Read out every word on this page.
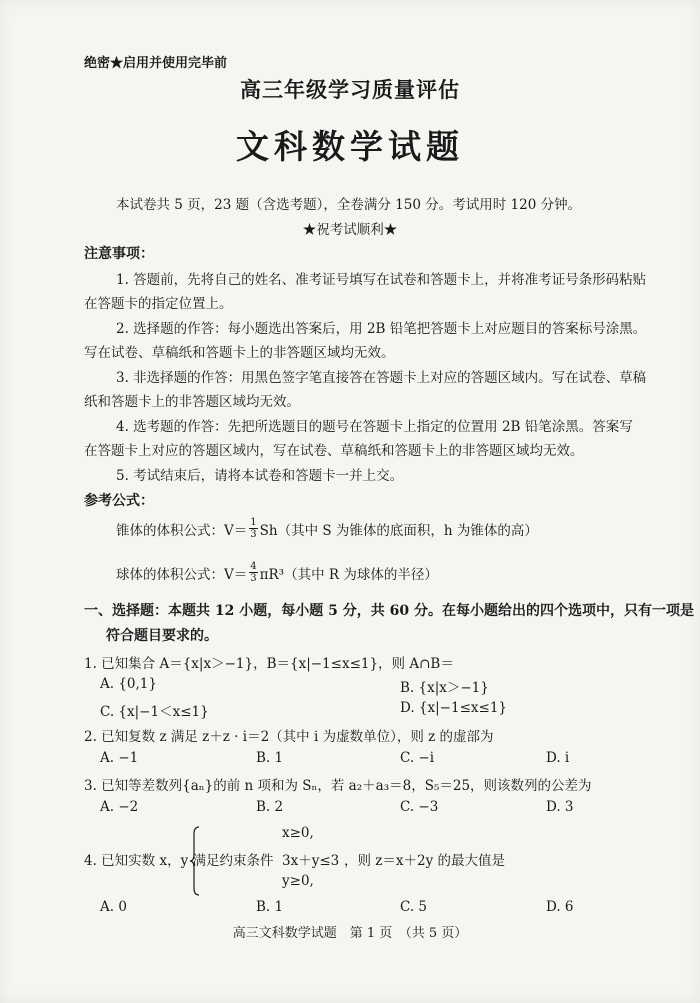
绝密★启用并使用完毕前
高三年级学习质量评估
文科数学试题
本试卷共 5 页，23 题（含选考题），全卷满分 150 分。考试用时 120 分钟。
★祝考试顺利★
注意事项：
1. 答题前，先将自己的姓名、准考证号填写在试卷和答题卡上，并将准考证号条形码粘贴
在答题卡的指定位置上。
2. 选择题的作答：每小题选出答案后，用 2B 铅笔把答题卡上对应题目的答案标号涂黑。
写在试卷、草稿纸和答题卡上的非答题区域均无效。
3. 非选择题的作答：用黑色签字笔直接答在答题卡上对应的答题区域内。写在试卷、草稿
纸和答题卡上的非答题区域均无效。
4. 选考题的作答：先把所选题目的题号在答题卡上指定的位置用 2B 铅笔涂黑。答案写
在答题卡上对应的答题区域内，写在试卷、草稿纸和答题卡上的非答题区域均无效。
5. 考试结束后，请将本试卷和答题卡一并上交。
参考公式：
锥体的体积公式：$V= \frac{1}{3} Sh$（其中 S 为锥体的底面积，h 为锥体的高）
球体的体积公式：$V= \frac{4}{3} \pi R^3$（其中 R 为球体的半径）
一、选择题：本题共 12 小题，每小题 5 分，共 60 分。在每小题给出的四个选项中，只有一项是
符合题目要求的。
1. 已知集合 A＝{x|x＞−1}，B＝{x|−1≤x≤1}，则 A∩B＝
A. {0,1}	B. {x|x＞−1}
C. {x|−1＜x≤1}	D. {x|−1≤x≤1}
2. 已知复数 z 满足 z＋z · i＝2（其中 i 为虚数单位），则 z 的虚部为
A. −1	B. 1	C. −i	D. i
3. 已知等差数列{aₙ}的前 n 项和为 Sₙ，若 a₂＋a₃＝8，S₅＝25，则该数列的公差为
A. −2	B. 2	C. −3	D. 3
4. 已知实数 x，y 满足约束条件
x≥0,
3x＋y≤3 ，则 z＝x＋2y 的最大值是
y≥0,
A. 0	B. 1	C. 5	D. 6
高三文科数学试题　第 1 页　（共 5 页）
